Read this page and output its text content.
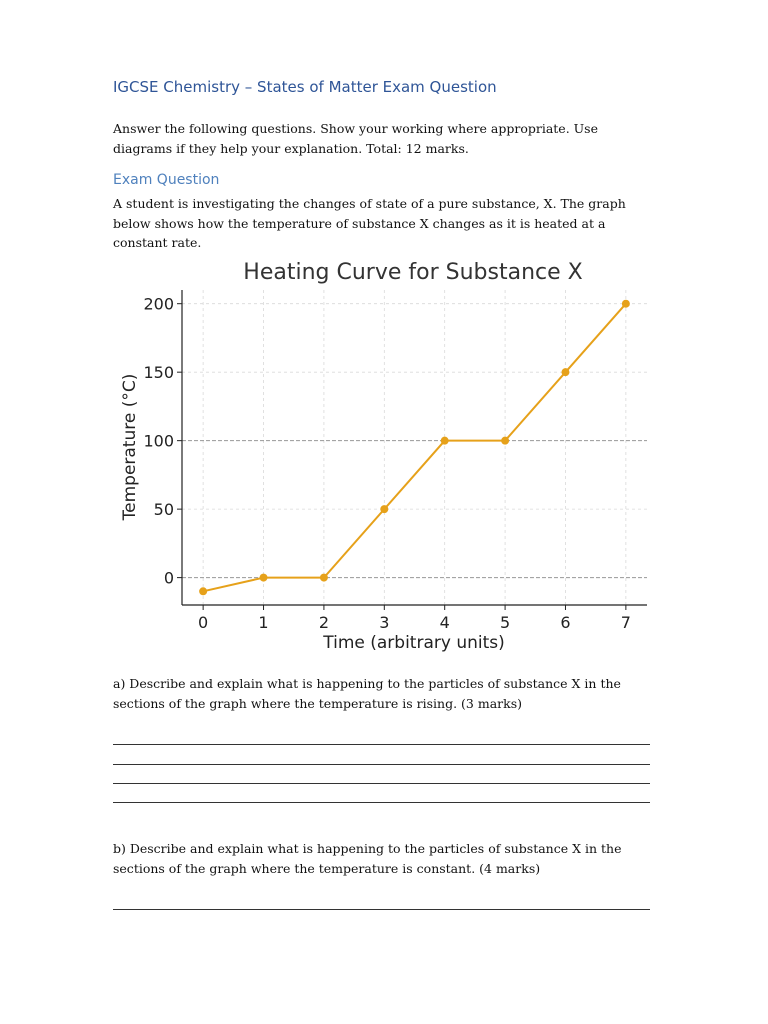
IGCSE Chemistry – States of Matter Exam Question
Answer the following questions. Show your working where appropriate. Use diagrams if they help your explanation. Total: 12 marks.
Exam Question
A student is investigating the changes of state of a pure substance, X. The graph below shows how the temperature of substance X changes as it is heated at a constant rate.
Heating Curve for Substance X
0	1	2	3	4	5	6	7
0
50
100
150
200
Time (arbitrary units)
Temperature (°C)
a) Describe and explain what is happening to the particles of substance X in the sections of the graph where the temperature is rising. (3 marks)
b) Describe and explain what is happening to the particles of substance X in the sections of the graph where the temperature is constant. (4 marks)
